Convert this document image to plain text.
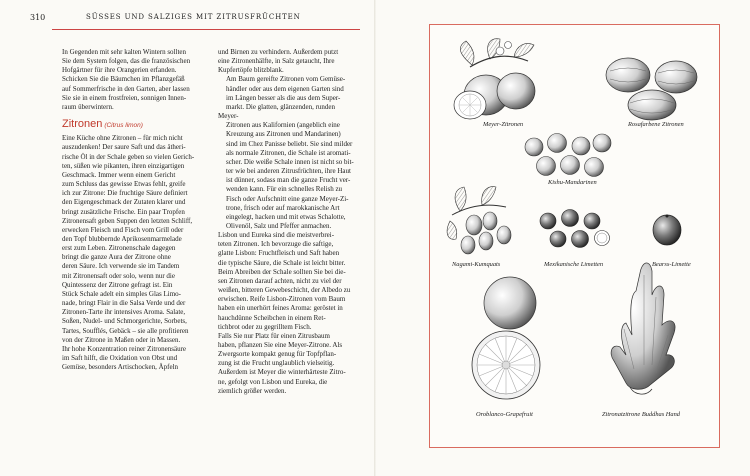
310	SÜSSES UND SALZIGES MIT ZITRUSFRÜCHTEN
In Gegenden mit sehr kalten Wintern sollten
Sie dem System folgen, das die französischen
Hofgärtner für ihre Orangerien erfanden.
Schicken Sie die Bäumchen im Pflanzgefäß
auf Sommerfrische in den Garten, aber lassen
Sie sie in einem frostfreien, sonnigen Innen-
raum überwintern.
Zitronen (Citrus limon)
Eine Küche ohne Zitronen – für mich nicht
auszudenken! Der saure Saft und das ätheri-
rische Öl in der Schale geben so vielen Gerich-
ten, süßen wie pikanten, ihren einzigartigen
Geschmack. Immer wenn einem Gericht
zum Schluss das gewisse Etwas fehlt, greife
ich zur Zitrone: Die fruchtige Säure definiert
den Eigengeschmack der Zutaten klarer und
bringt zusätzliche Frische. Ein paar Tropfen
Zitronensaft geben Suppen den letzten Schliff,
erwecken Fleisch und Fisch vom Grill oder
den Topf blubbernde Aprikosenmarmelade
erst zum Leben. Zitronenschale dagegen
bringt die ganze Aura der Zitrone ohne
deren Säure. Ich verwende sie im Tandem
mit Zitronensaft oder solo, wenn nur die
Quintessenz der Zitrone gefragt ist. Ein
Stück Schale adelt ein simples Glas Limo-
nade, bringt Flair in die Salsa Verde und der
Zitronen-Tarte ihr intensives Aroma. Salate,
Soßen, Nudel- und Schmorgerichte, Sorbets,
Tartes, Soufflés, Gebäck – sie alle profitieren
von der Zitrone in Maßen oder in Massen.
Ihr hohe Konzentration reiner Zitronensäure
im Saft hilft, die Oxidation von Obst und
Gemüse, besonders Artischocken, Äpfeln
und Birnen zu verhindern. Außerdem putzt
eine Zitronenhälfte, in Salz getaucht, Ihre
Kupfertöpfe blitzblank.
Am Baum gereifte Zitronen vom Gemüse-
händler oder aus dem eigenen Garten sind
im Längen besser als die aus dem Super-
markt. Die glatten, glänzenden, runden Meyer-
Zitronen aus Kalifornien (angeblich eine
Kreuzung aus Zitronen und Mandarinen)
sind im Chez Panisse beliebt. Sie sind milder
als normale Zitronen, die Schale ist aromati-
scher. Die weiße Schale innen ist nicht so bit-
ter wie bei anderen Zitrusfrüchten, ihre Haut
ist dünner, sodass man die ganze Frucht ver-
wenden kann. Für ein schnelles Relish zu
Fisch oder Aufschnitt eine ganze Meyer-Zi-
trone, frisch oder auf marokkanische Art
eingelegt, hacken und mit etwas Schalotte,
Olivenöl, Salz und Pfeffer anmachen.
Lisbon und Eureka sind die meistverbrei-
teten Zitronen. Ich bevorzuge die saftige,
glatte Lisbon: Fruchtfleisch und Saft haben
die typische Säure, die Schale ist leicht bitter.
Beim Abreiben der Schale sollten Sie bei die-
sen Zitronen darauf achten, nicht zu viel der
weißen, bitteren Gewebeschicht, der Albedo zu
erwischen. Reife Lisbon-Zitronen vom Baum
haben ein unerhört feines Aroma: geröstet in
hauchdünne Scheibchen in einem Ret-
tichbrot oder zu gegrilltem Fisch.
Falls Sie nur Platz für einen Zitrusbaum
haben, pflanzen Sie eine Meyer-Zitrone. Als
Zwergsorte kompakt genug für Topfpflan-
zung ist die Frucht unglaublich vielseitig.
Außerdem ist Meyer die winterhärteste Zitro-
ne, gefolgt von Lisbon und Eureka, die
ziemlich größer werden.
Meyer-Zitronen	Rosafarbene Zitronen
Kishu-Mandarinen
Nagami-Kumquats	Mexikanische Limetten	Bearss-Limette
Oroblanco-Grapefruit	Zitronatzitrone Buddhas Hand
